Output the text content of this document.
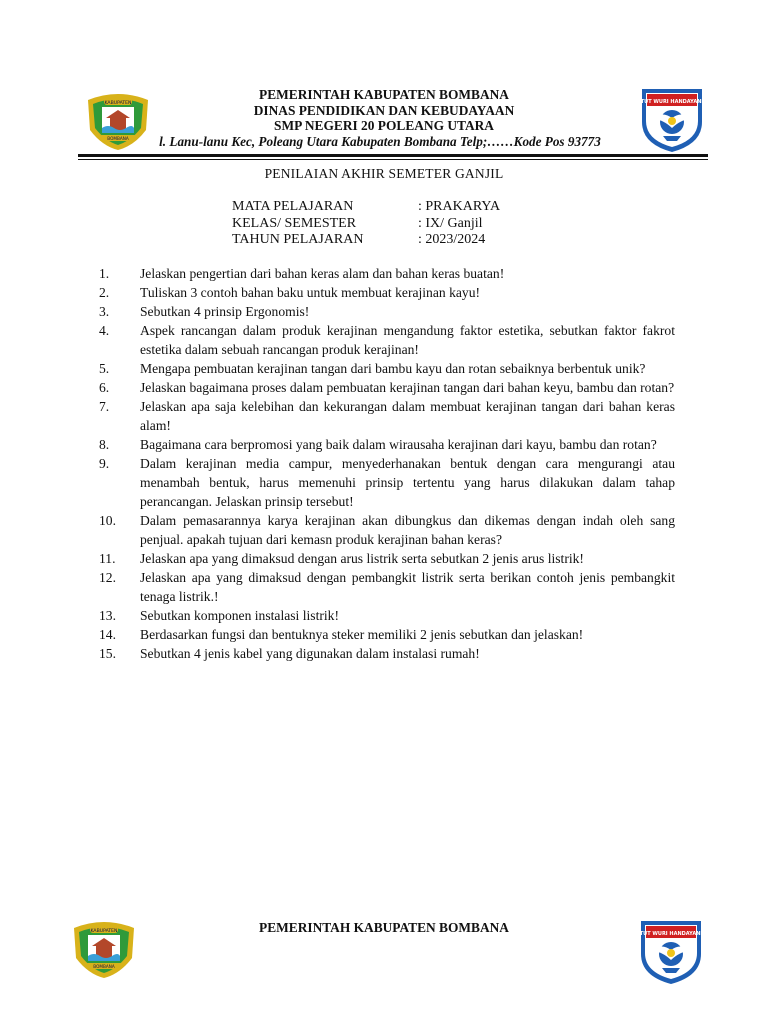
KABUPATEN
BOMBANA
TUT WURI HANDAYANI
PEMERINTAH KABUPATEN BOMBANA
DINAS PENDIDIKAN DAN KEBUDAYAAN
SMP NEGERI 20 POLEANG UTARA
l. Lanu-lanu Kec, Poleang Utara Kabupaten Bombana Telp;……Kode Pos 93773
PENILAIAN AKHIR SEMETER GANJIL
MATA PELAJARAN	: PRAKARYA
KELAS/ SEMESTER	: IX/ Ganjil
TAHUN PELAJARAN	: 2023/2024
1.	Jelaskan pengertian dari bahan keras alam dan bahan keras buatan!
2.	Tuliskan 3 contoh bahan baku untuk membuat kerajinan kayu!
3.	Sebutkan 4 prinsip Ergonomis!
4.	Aspek rancangan dalam produk kerajinan mengandung faktor estetika, sebutkan faktor fakrot estetika dalam sebuah rancangan produk kerajinan!
5.	Mengapa pembuatan kerajinan tangan dari bambu kayu dan rotan sebaiknya berbentuk unik?
6.	Jelaskan bagaimana proses dalam pembuatan kerajinan tangan dari bahan keyu, bambu dan rotan?
7.	Jelaskan apa saja kelebihan dan kekurangan dalam membuat kerajinan tangan dari bahan keras alam!
8.	Bagaimana cara berpromosi yang baik dalam wirausaha kerajinan dari kayu, bambu dan rotan?
9.	Dalam kerajinan media campur, menyederhanakan bentuk dengan cara mengurangi atau menambah bentuk, harus memenuhi prinsip tertentu yang harus dilakukan dalam tahap perancangan. Jelaskan prinsip tersebut!
10.	Dalam pemasarannya karya kerajinan akan dibungkus dan dikemas dengan indah oleh sang penjual. apakah tujuan dari kemasn produk kerajinan bahan keras?
11.	Jelaskan apa yang dimaksud dengan arus listrik serta sebutkan 2 jenis arus listrik!
12.	Jelaskan apa yang dimaksud dengan pembangkit listrik serta berikan contoh jenis pembangkit tenaga listrik.!
13.	Sebutkan komponen instalasi listrik!
14.	Berdasarkan fungsi dan bentuknya steker memiliki 2 jenis sebutkan dan jelaskan!
15.	Sebutkan 4 jenis kabel yang digunakan dalam instalasi rumah!
KABUPATEN
BOMBANA
PEMERINTAH KABUPATEN BOMBANA	TUT WURI HANDAYANI
